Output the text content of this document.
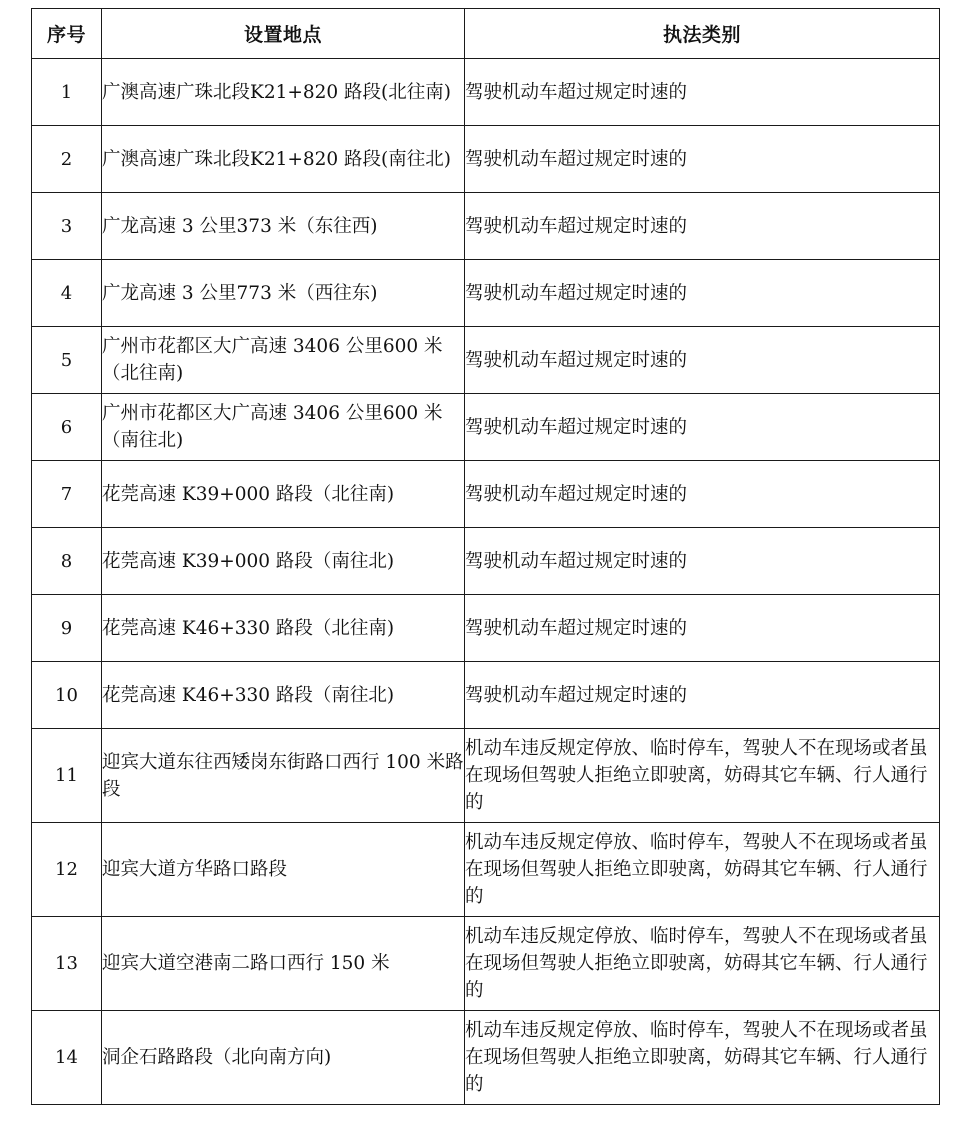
序号	设置地点	执法类别
1	广澳高速广珠北段K21+820 路段(北往南)	驾驶机动车超过规定时速的
2	广澳高速广珠北段K21+820 路段(南往北)	驾驶机动车超过规定时速的
3	广龙高速 3 公里373 米（东往西)	驾驶机动车超过规定时速的
4	广龙高速 3 公里773 米（西往东)	驾驶机动车超过规定时速的
5	广州市花都区大广高速 3406 公里600 米（北往南)	驾驶机动车超过规定时速的
6	广州市花都区大广高速 3406 公里600 米（南往北)	驾驶机动车超过规定时速的
7	花莞高速 K39+000 路段（北往南)	驾驶机动车超过规定时速的
8	花莞高速 K39+000 路段（南往北)	驾驶机动车超过规定时速的
9	花莞高速 K46+330 路段（北往南)	驾驶机动车超过规定时速的
10	花莞高速 K46+330 路段（南往北)	驾驶机动车超过规定时速的
11	迎宾大道东往西矮岗东街路口西行 100 米路段	机动车违反规定停放、临时停车，驾驶人不在现场或者虽在现场但驾驶人拒绝立即驶离，妨碍其它车辆、行人通行的
12	迎宾大道方华路口路段	机动车违反规定停放、临时停车，驾驶人不在现场或者虽在现场但驾驶人拒绝立即驶离，妨碍其它车辆、行人通行的
13	迎宾大道空港南二路口西行 150 米	机动车违反规定停放、临时停车，驾驶人不在现场或者虽在现场但驾驶人拒绝立即驶离，妨碍其它车辆、行人通行的
14	洞企石路路段（北向南方向)	机动车违反规定停放、临时停车，驾驶人不在现场或者虽在现场但驾驶人拒绝立即驶离，妨碍其它车辆、行人通行的
